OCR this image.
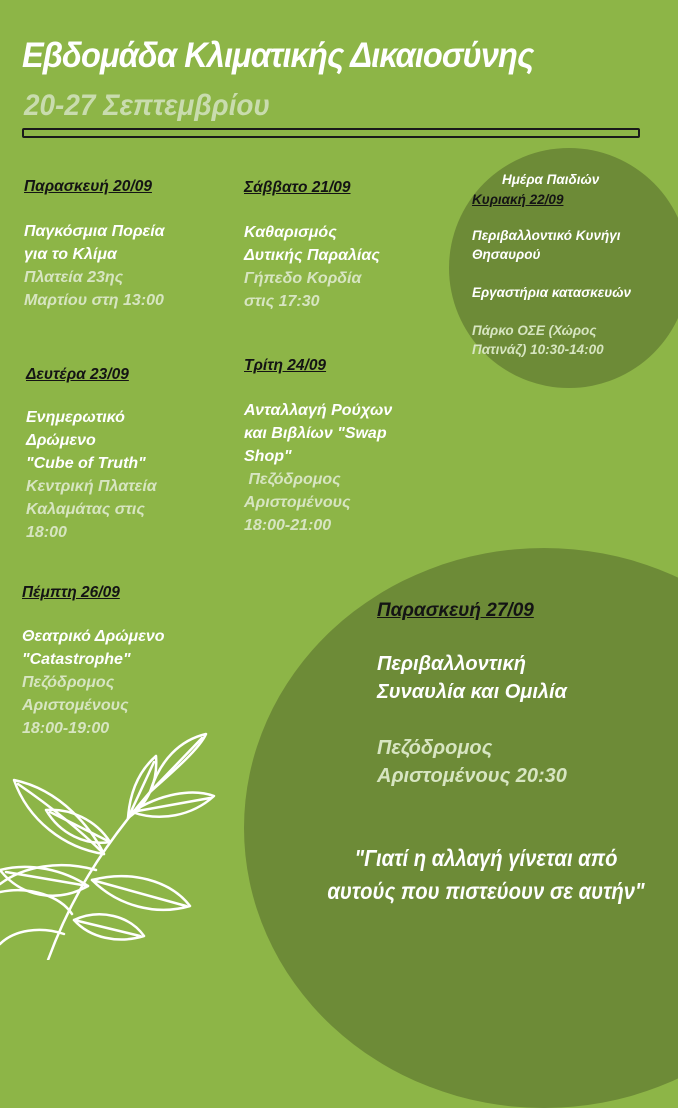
Εβδομάδα Κλιματικής Δικαιοσύνης
20-27 Σεπτεμβρίου
Παρασκευή 20/09
Παγκόσμια Πορεία
για το Κλίμα
Πλατεία 23ης
Μαρτίου στη 13:00
Σάββατο 21/09
Καθαρισμός
Δυτικής Παραλίας
Γήπεδο Κορδία
στις 17:30
Δευτέρα 23/09
Ενημερωτικό
Δρώμενο
"Cube of Truth"
Κεντρική Πλατεία
Καλαμάτας στις
18:00
Τρίτη 24/09
Ανταλλαγή Ρούχων
και Βιβλίων "Swap
Shop"
Πεζόδρομος
Αριστομένους
18:00-21:00
Πέμπτη 26/09
Θεατρικό Δρώμενο
"Catastrophe"
Πεζόδρομος
Αριστομένους
18:00-19:00
Ημέρα Παιδιών
Κυριακή 22/09
Περιβαλλοντικό Κυνήγι
Θησαυρού
Εργαστήρια κατασκευών
Πάρκο ΟΣΕ (Χώρος
Πατινάζ) 10:30-14:00
Παρασκευή 27/09
Περιβαλλοντική
Συναυλία και Ομιλία
Πεζόδρομος
Αριστομένους 20:30
"Γιατί η αλλαγή γίνεται από
αυτούς που πιστεύουν σε αυτήν"
